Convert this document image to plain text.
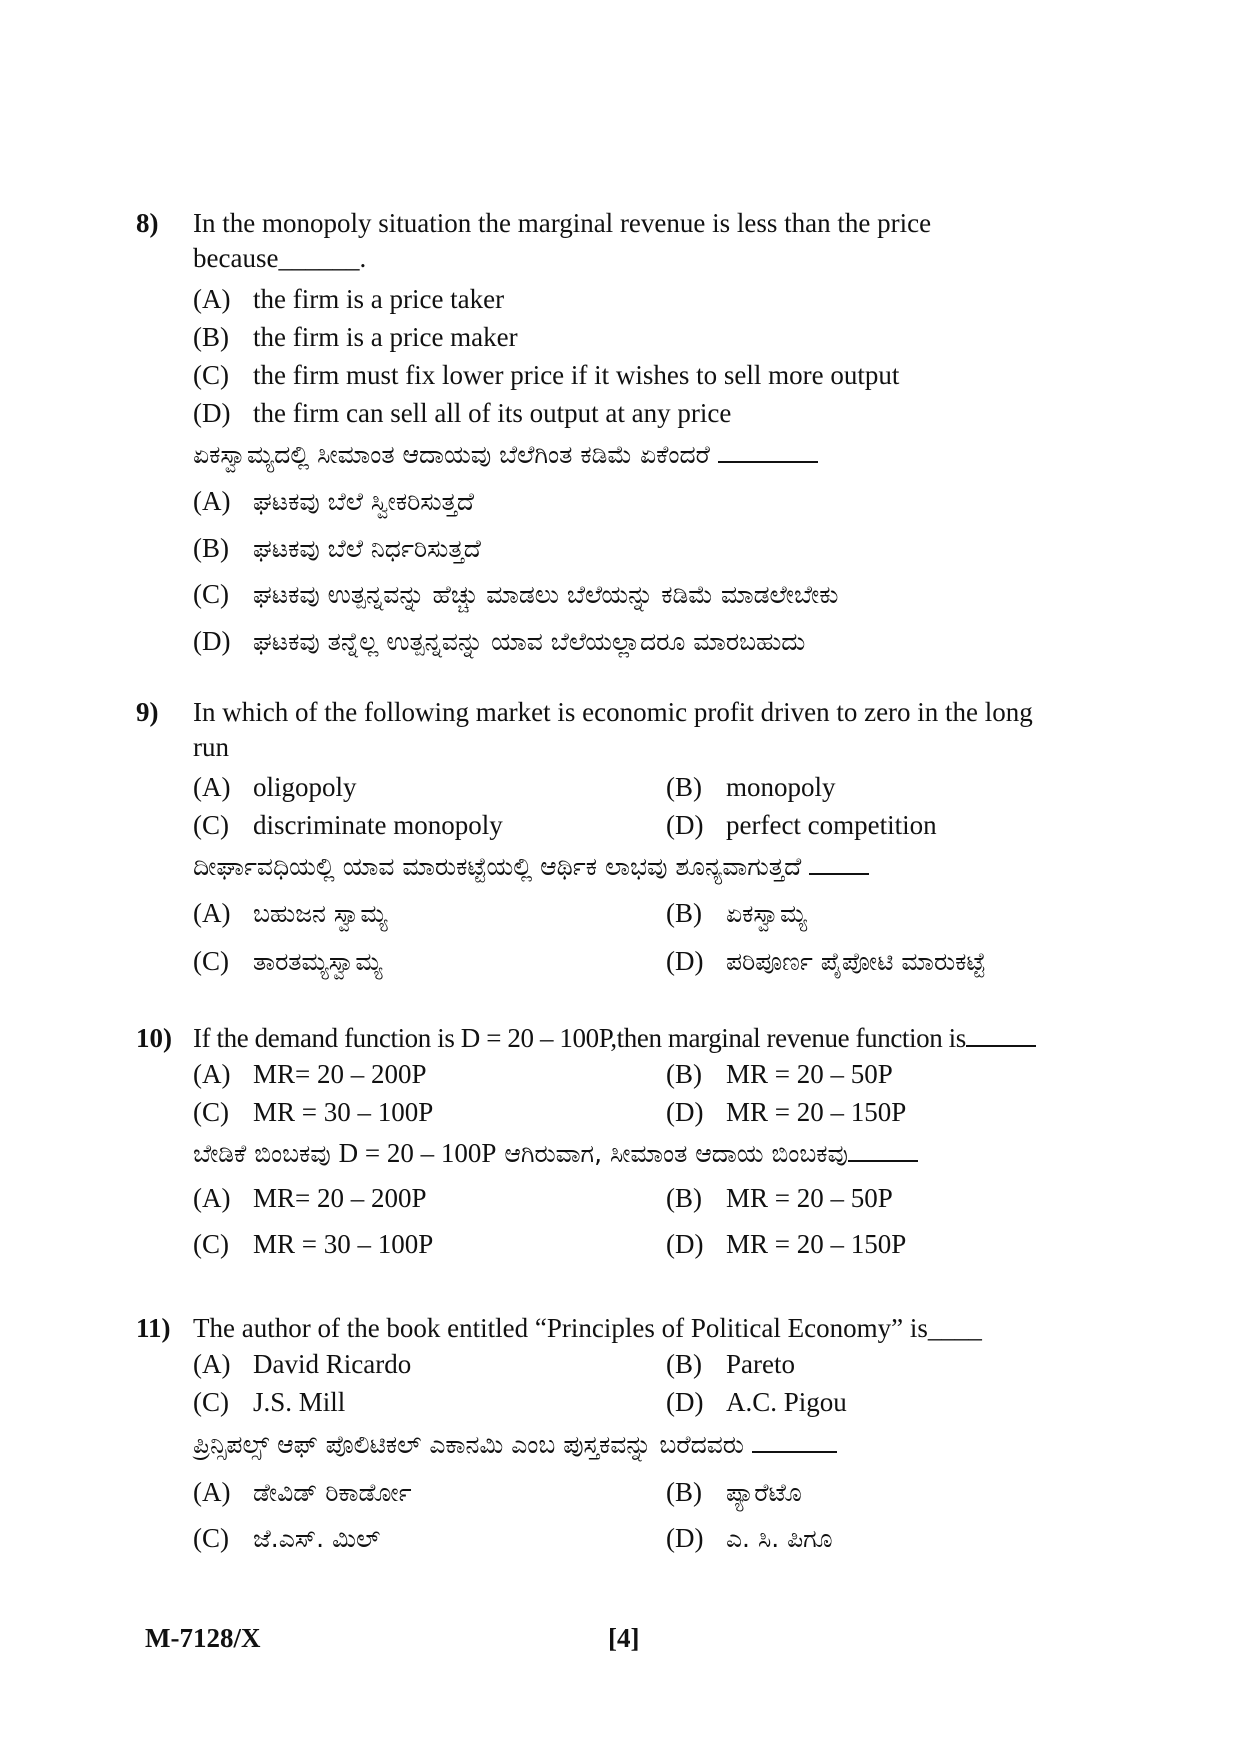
8) In the monopoly situation the marginal revenue is less than the price
because______.
(A) the firm is a price taker
(B) the firm is a price maker
(C) the firm must fix lower price if it wishes to sell more output
(D) the firm can sell all of its output at any price
ಏಕಸ್ವಾಮ್ಯದಲ್ಲಿ ಸೀಮಾಂತ ಆದಾಯವು ಬೆಲೆಗಿಂತ ಕಡಿಮೆ ಏಕೆಂದರೆ
(A) ಘಟಕವು ಬೆಲೆ ಸ್ವೀಕರಿಸುತ್ತದೆ
(B) ಘಟಕವು ಬೆಲೆ ನಿರ್ಧರಿಸುತ್ತದೆ
(C) ಘಟಕವು ಉತ್ಪನ್ನವನ್ನು ಹೆಚ್ಚು ಮಾಡಲು ಬೆಲೆಯನ್ನು ಕಡಿಮೆ ಮಾಡಲೇಬೇಕು
(D) ಘಟಕವು ತನ್ನೆಲ್ಲ ಉತ್ಪನ್ನವನ್ನು ಯಾವ ಬೆಲೆಯಲ್ಲಾದರೂ ಮಾರಬಹುದು
9) In which of the following market is economic profit driven to zero in the long
run
(A) oligopoly	(B) monopoly
(C) discriminate monopoly	(D) perfect competition
ದೀರ್ಘಾವಧಿಯಲ್ಲಿ ಯಾವ ಮಾರುಕಟ್ಟೆಯಲ್ಲಿ ಆರ್ಥಿಕ ಲಾಭವು ಶೂನ್ಯವಾಗುತ್ತದೆ
(A) ಬಹುಜನ ಸ್ವಾಮ್ಯ	(B) ಏಕಸ್ವಾಮ್ಯ
(C) ತಾರತಮ್ಯಸ್ವಾಮ್ಯ	(D) ಪರಿಪೂರ್ಣ ಪೈಪೋಟಿ ಮಾರುಕಟ್ಟೆ
10) If the demand function is D = 20 – 100P,then marginal revenue function is
(A) MR= 20 – 200P	(B) MR = 20 – 50P
(C) MR = 30 – 100P	(D) MR = 20 – 150P
ಬೇಡಿಕೆ ಬಿಂಬಕವು D = 20 – 100P ಆಗಿರುವಾಗ, ಸೀಮಾಂತ ಆದಾಯ ಬಿಂಬಕವು
(A) MR= 20 – 200P	(B) MR = 20 – 50P
(C) MR = 30 – 100P	(D) MR = 20 – 150P
11) The author of the book entitled “Principles of Political Economy” is____
(A) David Ricardo	(B) Pareto
(C) J.S. Mill	(D) A.C. Pigou
ಪ್ರಿನ್ಸಿಪಲ್ಸ್ ಆಫ್ ಪೊಲಿಟಿಕಲ್ ಎಕಾನಮಿ ಎಂಬ ಪುಸ್ತಕವನ್ನು ಬರೆದವರು
(A) ಡೇವಿಡ್ ರಿಕಾರ್ಡೋ	(B) ಪ್ಯಾರೆಟೊ
(C) ಜೆ.ಎಸ್. ಮಿಲ್	(D) ಎ. ಸಿ. ಪಿಗೂ
M-7128/X	[4]
